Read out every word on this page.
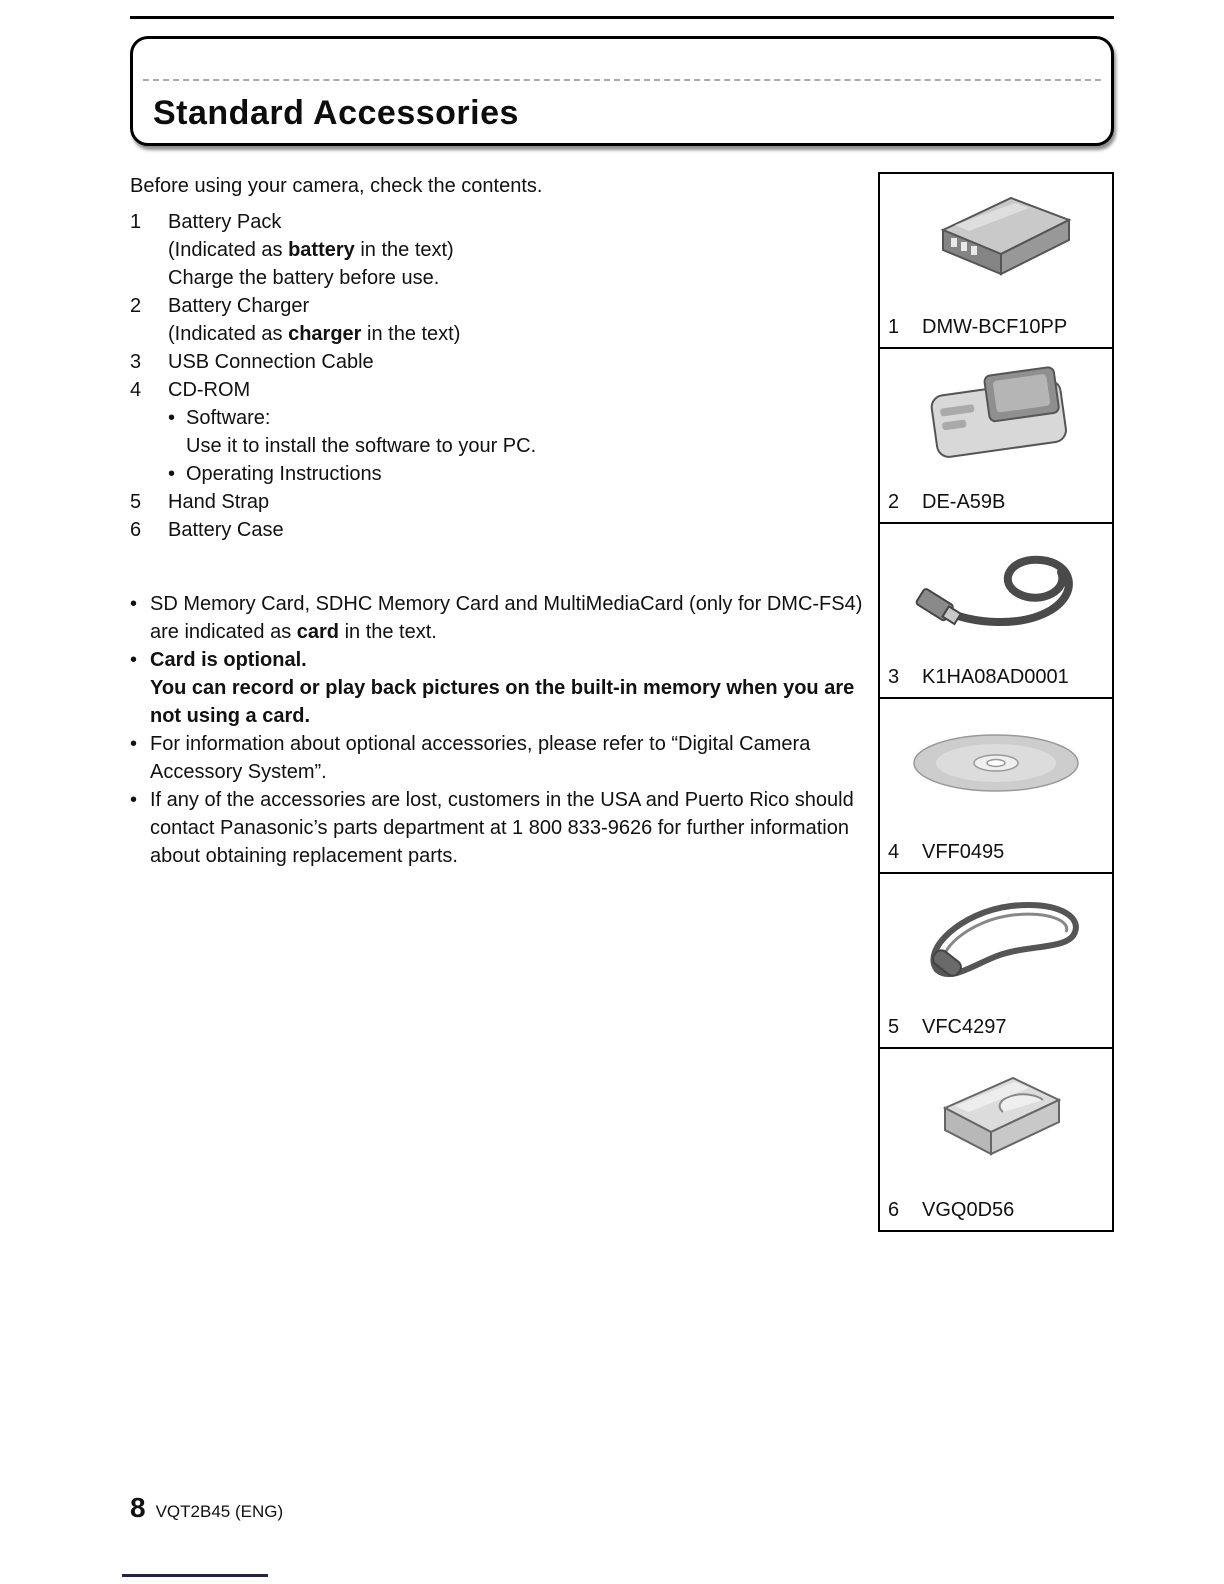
Standard Accessories
Before using your camera, check the contents.
1	Battery Pack
(Indicated as battery in the text)
Charge the battery before use.
2	Battery Charger
(Indicated as charger in the text)
3	USB Connection Cable
4	CD-ROM
• Software:
Use it to install the software to your PC.
• Operating Instructions
5	Hand Strap
6	Battery Case
• SD Memory Card, SDHC Memory Card and MultiMediaCard (only for DMC-FS4) are indicated as card in the text.
• Card is optional.
You can record or play back pictures on the built-in memory when you are not using a card.
• For information about optional accessories, please refer to “Digital Camera Accessory System”.
• If any of the accessories are lost, customers in the USA and Puerto Rico should contact Panasonic’s parts department at 1 800 833-9626 for further information about obtaining replacement parts.
1	DMW-BCF10PP
2	DE-A59B
3	K1HA08AD0001
4	VFF0495
5	VFC4297
6	VGQ0D56
8 VQT2B45 (ENG)
